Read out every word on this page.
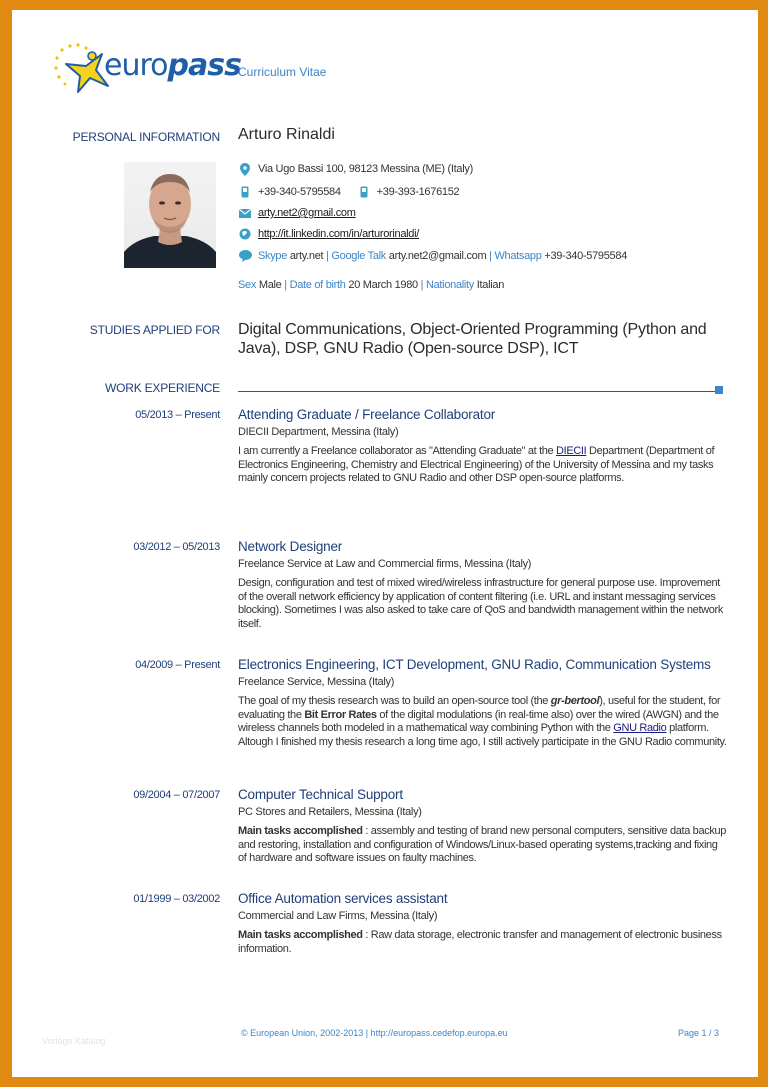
europass
Curriculum Vitae
PERSONAL INFORMATION Arturo Rinaldi
Via Ugo Bassi 100, 98123 Messina (ME) (Italy)
+39-340-5795584	+39-393-1676152
arty.net2@gmail.com
http://it.linkedin.com/in/arturorinaldi/
Skype arty.net | Google Talk arty.net2@gmail.com | Whatsapp +39-340-5795584
Sex Male | Date of birth 20 March 1980 | Nationality Italian
STUDIES APPLIED FOR Digital Communications, Object-Oriented Programming (Python and Java), DSP, GNU Radio (Open-source DSP), ICT
WORK EXPERIENCE
05/2013 – Present Attending Graduate / Freelance Collaborator
DIECII Department, Messina (Italy)
I am currently a Freelance collaborator as "Attending Graduate" at the DIECII Department (Department of Electronics Engineering, Chemistry and Electrical Engineering) of the University of Messina and my tasks mainly concern projects related to GNU Radio and other DSP open-source platforms.
03/2012 – 05/2013 Network Designer
Freelance Service at Law and Commercial firms, Messina (Italy)
Design, configuration and test of mixed wired/wireless infrastructure for general purpose use. Improvement of the overall network efficiency by application of content filtering (i.e. URL and instant messaging services blocking). Sometimes I was also asked to take care of QoS and bandwidth management within the network itself.
04/2009 – Present Electronics Engineering, ICT Development, GNU Radio, Communication Systems
Freelance Service, Messina (Italy)
The goal of my thesis research was to build an open-source tool (the gr-bertool), useful for the student, for evaluating the Bit Error Rates of the digital modulations (in real-time also) over the wired (AWGN) and the wireless channels both modeled in a mathematical way combining Python with the GNU Radio platform. Altough I finished my thesis research a long time ago, I still actively participate in the GNU Radio community.
09/2004 – 07/2007 Computer Technical Support
PC Stores and Retailers, Messina (Italy)
Main tasks accomplished : assembly and testing of brand new personal computers, sensitive data backup and restoring, installation and configuration of Windows/Linux-based operating systems,tracking and fixing of hardware and software issues on faulty machines.
01/1999 – 03/2002 Office Automation services assistant
Commercial and Law Firms, Messina (Italy)
Main tasks accomplished : Raw data storage, electronic transfer and management of electronic business information.
© European Union, 2002-2013 | http://europass.cedefop.europa.eu	Page 1 / 3
Vorlage Katalog
